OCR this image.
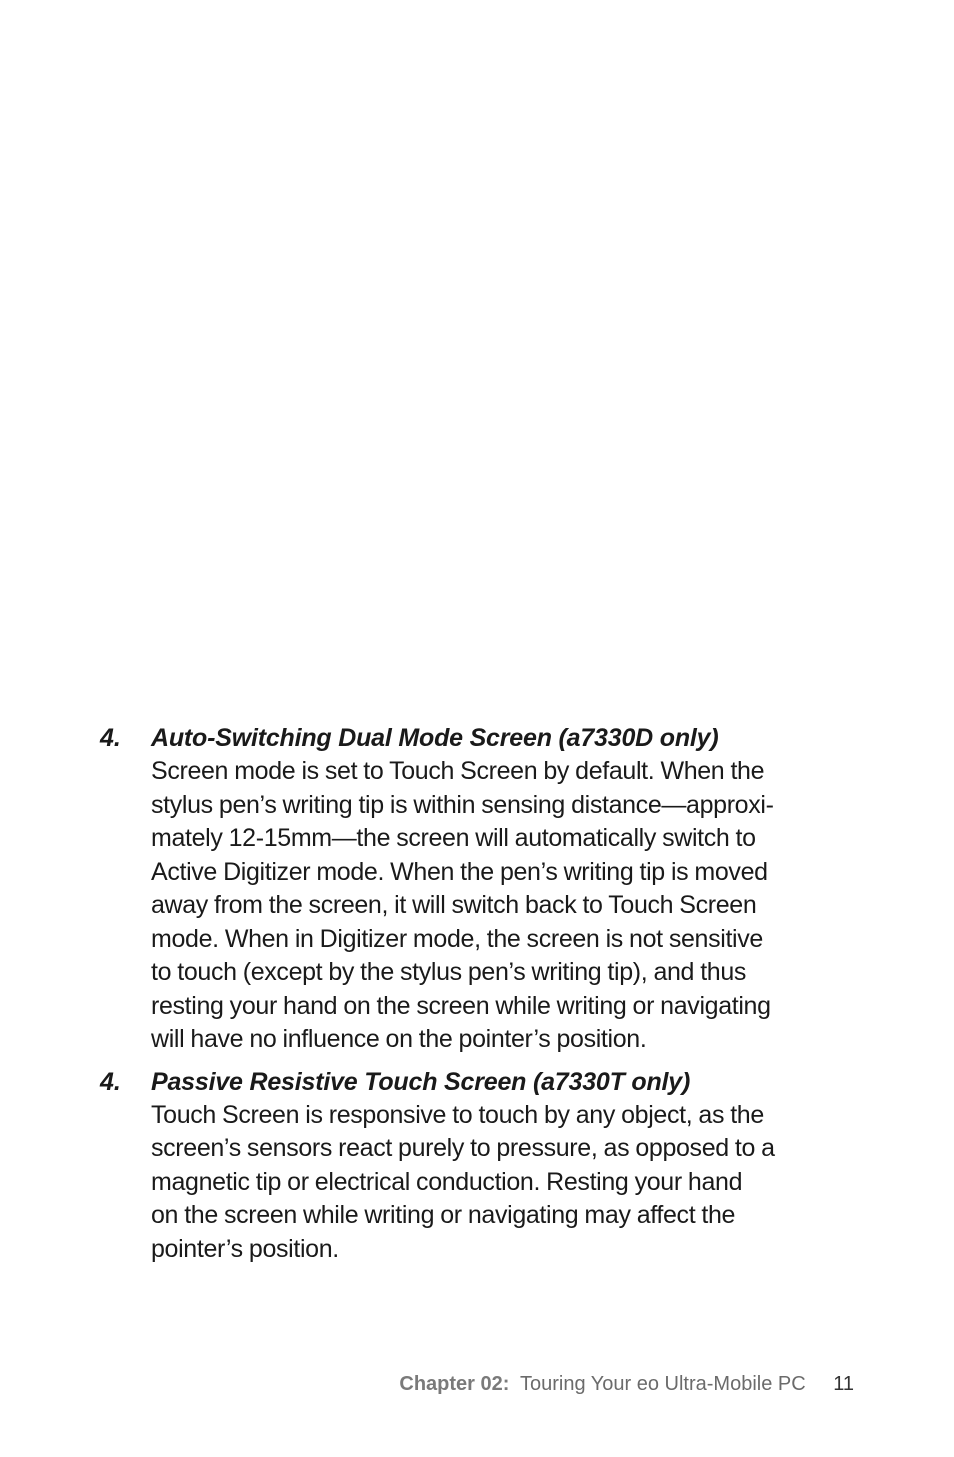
4. Auto-Switching Dual Mode Screen (a7330D only)
Screen mode is set to Touch Screen by default. When the
stylus pen’s writing tip is within sensing distance—approxi-
mately 12-15mm—the screen will automatically switch to
Active Digitizer mode. When the pen’s writing tip is moved
away from the screen, it will switch back to Touch Screen
mode. When in Digitizer mode, the screen is not sensitive
to touch (except by the stylus pen’s writing tip), and thus
resting your hand on the screen while writing or navigating
will have no influence on the pointer’s position.
4. Passive Resistive Touch Screen (a7330T only)
Touch Screen is responsive to touch by any object, as the
screen’s sensors react purely to pressure, as opposed to a
magnetic tip or electrical conduction. Resting your hand
on the screen while writing or navigating may affect the
pointer’s position.
Chapter 02: Touring Your eo Ultra-Mobile PC 11
